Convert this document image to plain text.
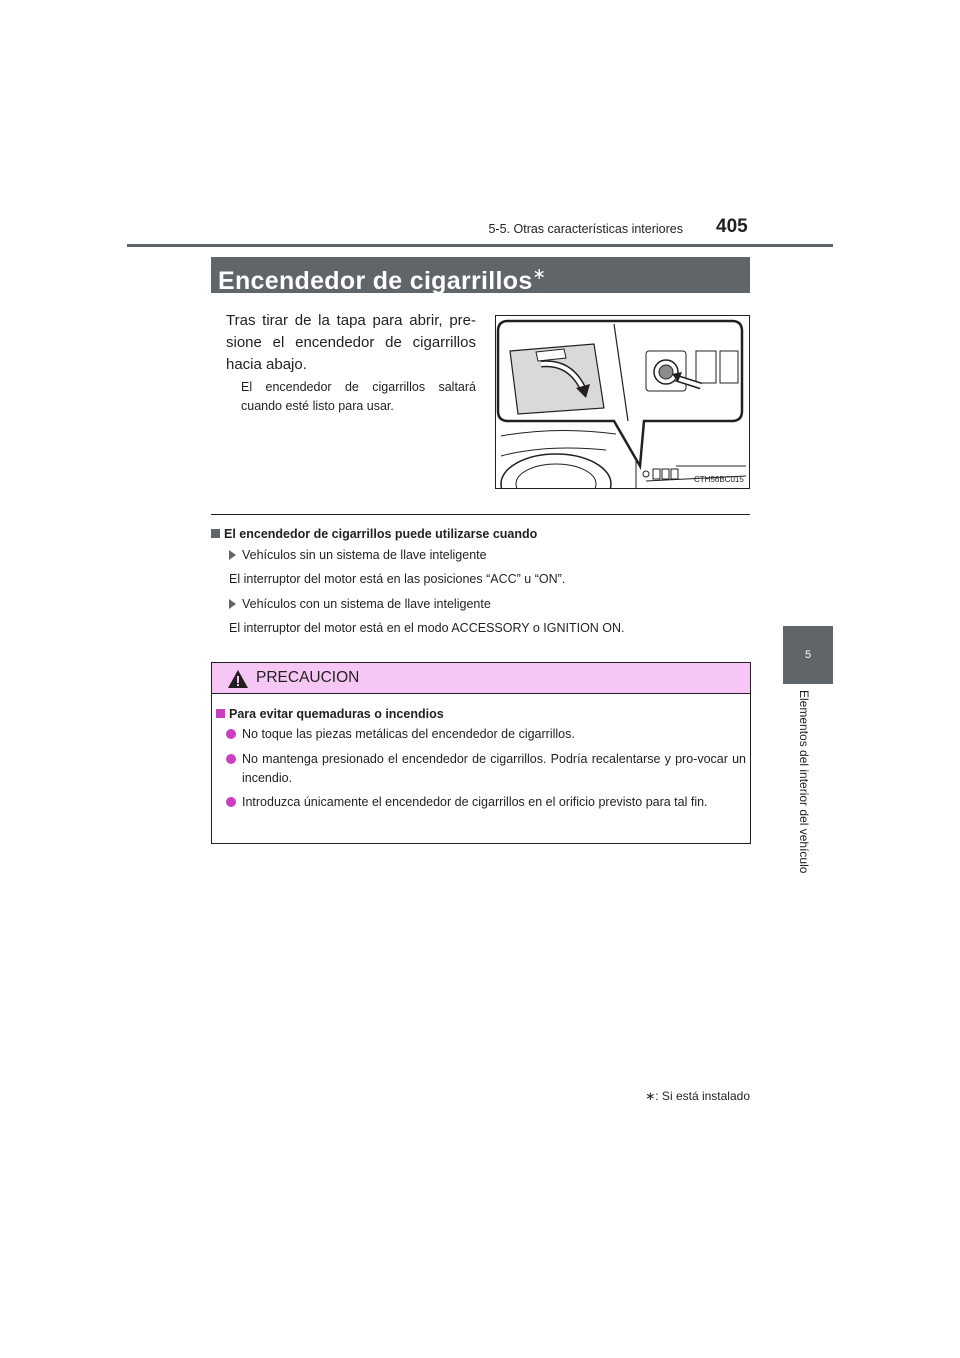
5-5. Otras características interiores 405
5
Elementos del interior del vehículo
Encendedor de cigarrillos∗
Tras tirar de la tapa para abrir, pre-sione el encendedor de cigarrillos hacia abajo.
El encendedor de cigarrillos saltará cuando esté listo para usar.
CTH56BC015
El encendedor de cigarrillos puede utilizarse cuando
Vehículos sin un sistema de llave inteligente
El interruptor del motor está en las posiciones “ACC” u “ON”.
Vehículos con un sistema de llave inteligente
El interruptor del motor está en el modo ACCESSORY o IGNITION ON.
PRECAUCION
Para evitar quemaduras o incendios
No toque las piezas metálicas del encendedor de cigarrillos.
No mantenga presionado el encendedor de cigarrillos. Podría recalentarse y pro-vocar un incendio.
Introduzca únicamente el encendedor de cigarrillos en el orificio previsto para tal fin.
∗: Si está instalado
